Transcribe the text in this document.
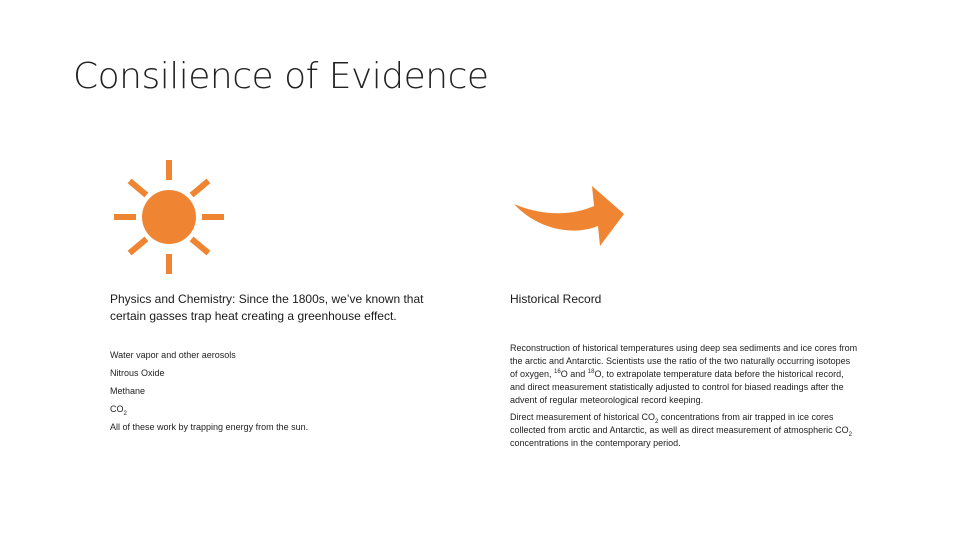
Consilience of Evidence

Physics and Chemistry: Since the 1800s, we’ve known that certain gasses trap heat creating a greenhouse effect.

Water vapor and other aerosols

Nitrous Oxide

Methane

$CO_2$

All of these work by trapping energy from the sun.

Historical Record

Reconstruction of historical temperatures using deep sea sediments and ice cores from the arctic and Antarctic. Scientists use the ratio of the two naturally occurring isotopes of oxygen, $^{16}$O and $^{18}$O, to extrapolate temperature data before the historical record, and direct measurement statistically adjusted to control for biased readings after the advent of regular meteorological record keeping.

Direct measurement of historical $CO_2$ concentrations from air trapped in ice cores collected from arctic and Antarctic, as well as direct measurement of atmospheric $CO_2$ concentrations in the contemporary period.
